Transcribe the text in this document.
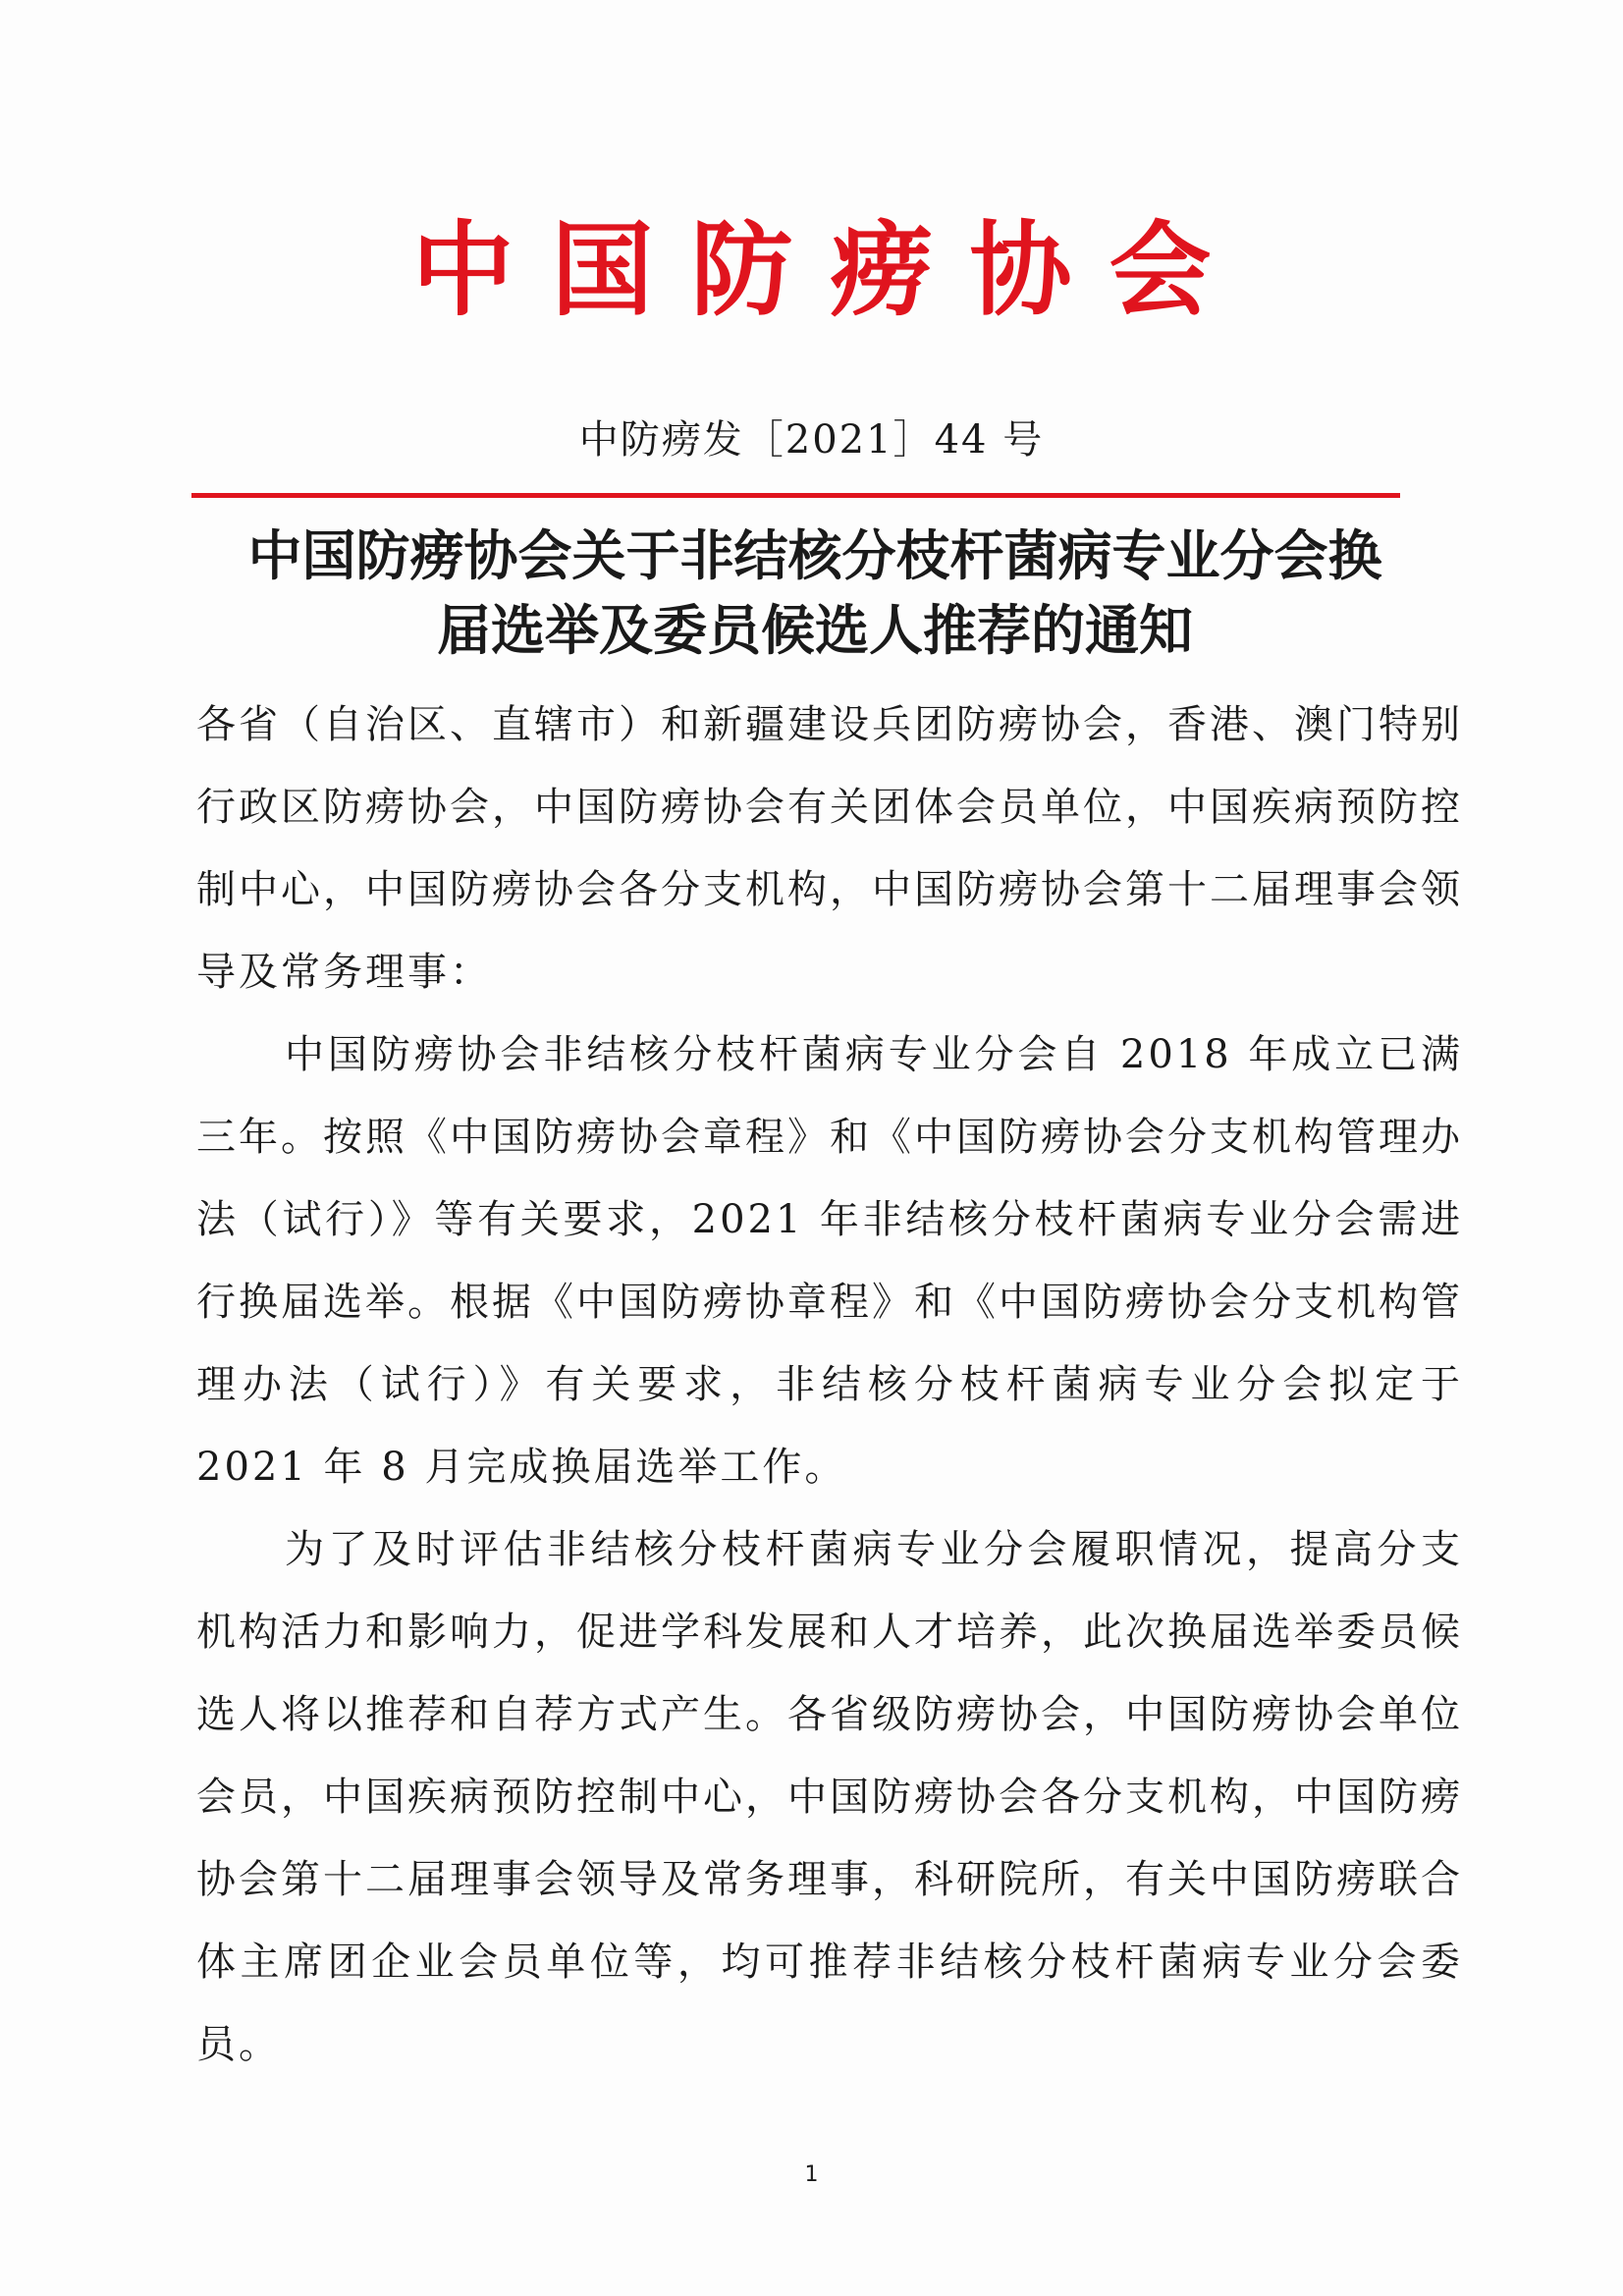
中国防痨协会
中防痨发［2021］44 号
中国防痨协会关于非结核分枝杆菌病专业分会换
届选举及委员候选人推荐的通知

各省（自治区、直辖市）和新疆建设兵团防痨协会，香港、澳门特别行政区防痨协会，中国防痨协会有关团体会员单位，中国疾病预防控制中心，中国防痨协会各分支机构，中国防痨协会第十二届理事会领导及常务理事：

中国防痨协会非结核分枝杆菌病专业分会自 2018 年成立已满三年。按照《中国防痨协会章程》和《中国防痨协会分支机构管理办法（试行）》等有关要求，2021 年非结核分枝杆菌病专业分会需进行换届选举。根据《中国防痨协章程》和《中国防痨协会分支机构管理办法（试行）》有关要求，非结核分枝杆菌病专业分会拟定于 2021 年 8 月完成换届选举工作。

为了及时评估非结核分枝杆菌病专业分会履职情况，提高分支机构活力和影响力，促进学科发展和人才培养，此次换届选举委员候选人将以推荐和自荐方式产生。各省级防痨协会，中国防痨协会单位会员，中国疾病预防控制中心，中国防痨协会各分支机构，中国防痨协会第十二届理事会领导及常务理事，科研院所，有关中国防痨联合体主席团企业会员单位等，均可推荐非结核分枝杆菌病专业分会委员。

1
